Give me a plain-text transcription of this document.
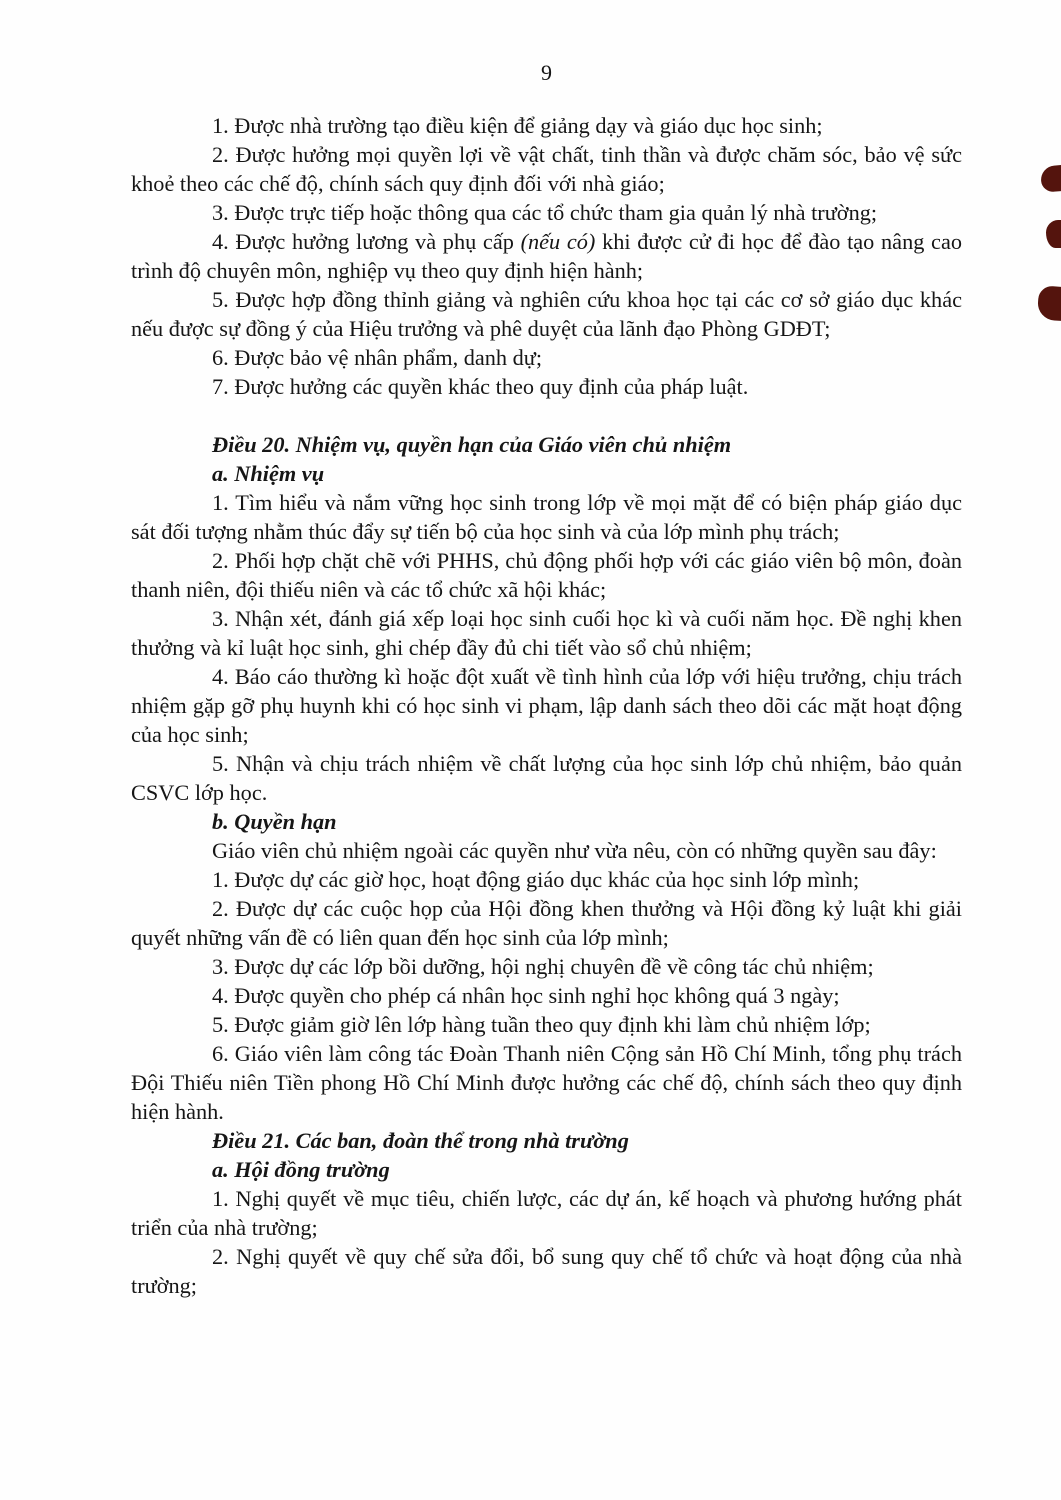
9

1. Được nhà trường tạo điều kiện để giảng dạy và giáo dục học sinh;

2. Được hưởng mọi quyền lợi về vật chất, tinh thần và được chăm sóc, bảo vệ sức khoẻ theo các chế độ, chính sách quy định đối với nhà giáo;

3. Được trực tiếp hoặc thông qua các tổ chức tham gia quản lý nhà trường;

4. Được hưởng lương và phụ cấp (nếu có) khi được cử đi học để đào tạo nâng cao trình độ chuyên môn, nghiệp vụ theo quy định hiện hành;

5. Được hợp đồng thỉnh giảng và nghiên cứu khoa học tại các cơ sở giáo dục khác nếu được sự đồng ý của Hiệu trưởng và phê duyệt của lãnh đạo Phòng GDĐT;

6. Được bảo vệ nhân phẩm, danh dự;

7. Được hưởng các quyền khác theo quy định của pháp luật.

Điều 20. Nhiệm vụ, quyền hạn của Giáo viên chủ nhiệm

a. Nhiệm vụ

1. Tìm hiểu và nắm vững học sinh trong lớp về mọi mặt để có biện pháp giáo dục sát đối tượng nhằm thúc đẩy sự tiến bộ của học sinh và của lớp mình phụ trách;

2. Phối hợp chặt chẽ với PHHS, chủ động phối hợp với các giáo viên bộ môn, đoàn thanh niên, đội thiếu niên và các tổ chức xã hội khác;

3. Nhận xét, đánh giá xếp loại học sinh cuối học kì và cuối năm học. Đề nghị khen thưởng và kỉ luật học sinh, ghi chép đầy đủ chi tiết vào sổ chủ nhiệm;

4. Báo cáo thường kì hoặc đột xuất về tình hình của lớp với hiệu trưởng, chịu trách nhiệm gặp gỡ phụ huynh khi có học sinh vi phạm, lập danh sách theo dõi các mặt hoạt động của học sinh;

5. Nhận và chịu trách nhiệm về chất lượng của học sinh lớp chủ nhiệm, bảo quản CSVC lớp học.

b. Quyền hạn

Giáo viên chủ nhiệm ngoài các quyền như vừa nêu, còn có những quyền sau đây:

1. Được dự các giờ học, hoạt động giáo dục khác của học sinh lớp mình;

2. Được dự các cuộc họp của Hội đồng khen thưởng và Hội đồng kỷ luật khi giải quyết những vấn đề có liên quan đến học sinh của lớp mình;

3. Được dự các lớp bồi dưỡng, hội nghị chuyên đề về công tác chủ nhiệm;

4. Được quyền cho phép cá nhân học sinh nghỉ học không quá 3 ngày;

5. Được giảm giờ lên lớp hàng tuần theo quy định khi làm chủ nhiệm lớp;

6. Giáo viên làm công tác Đoàn Thanh niên Cộng sản Hồ Chí Minh, tổng phụ trách Đội Thiếu niên Tiền phong Hồ Chí Minh được hưởng các chế độ, chính sách theo quy định hiện hành.

Điều 21. Các ban, đoàn thể trong nhà trường

a. Hội đồng trường

1. Nghị quyết về mục tiêu, chiến lược, các dự án, kế hoạch và phương hướng phát triển của nhà trường;

2. Nghị quyết về quy chế sửa đổi, bổ sung quy chế tổ chức và hoạt động của nhà trường;
